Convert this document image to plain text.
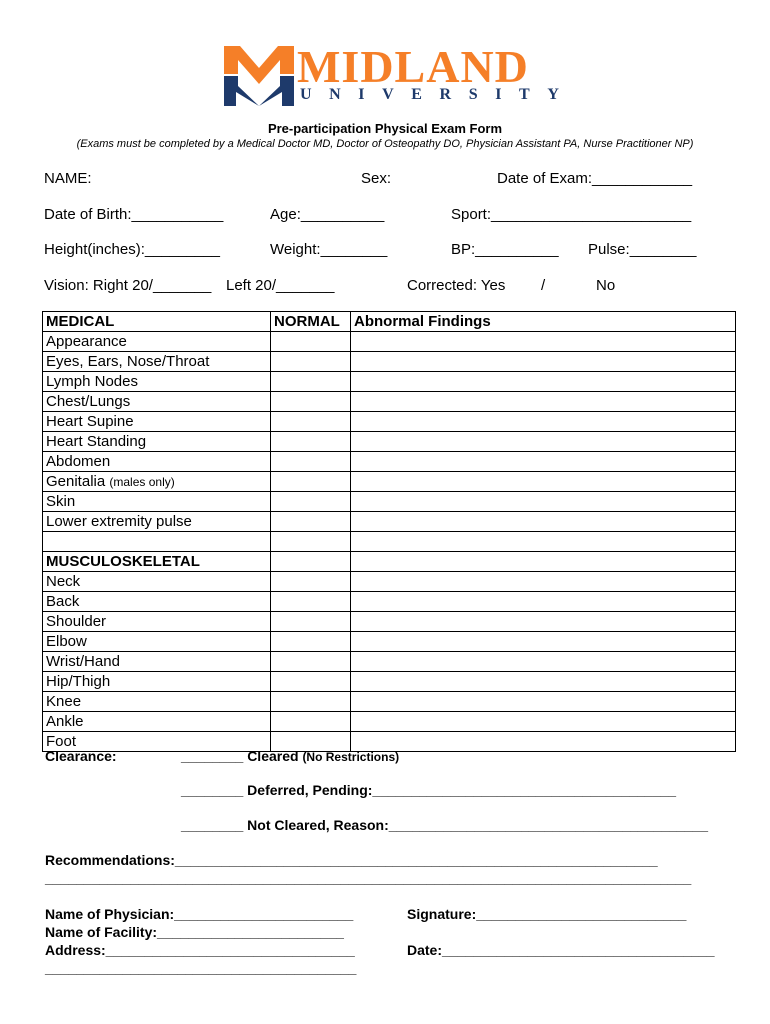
MIDLAND
UNIVERSITY
Pre-participation Physical Exam Form
(Exams must be completed by a Medical Doctor MD, Doctor of Osteopathy DO, Physician Assistant PA, Nurse Practitioner NP)
NAME:	Sex:	Date of Exam:____________
Date of Birth:___________	Age:__________	Sport:________________________
Height(inches):_________	Weight:________	BP:__________ Pulse:________
Vision: Right 20/_______ Left 20/_______	Corrected: Yes /	No
MEDICAL	NORMAL	Abnormal Findings
Appearance		
Eyes, Ears, Nose/Throat		
Lymph Nodes		
Chest/Lungs		
Heart Supine		
Heart Standing		
Abdomen		
Genitalia (males only)		
Skin		
Lower extremity pulse		

MUSCULOSKELETAL		
Neck		
Back		
Shoulder		
Elbow		
Wrist/Hand		
Hip/Thigh		
Knee		
Ankle		
Foot		
Clearance:	________ Cleared (No Restrictions)
________ Deferred, Pending:_______________________________________
________ Not Cleared, Reason:_________________________________________
Recommendations:______________________________________________________________
___________________________________________________________________________________
Name of Physician:_______________________
Name of Facility:________________________
Address:________________________________
________________________________________
Signature:___________________________
Date:___________________________________
